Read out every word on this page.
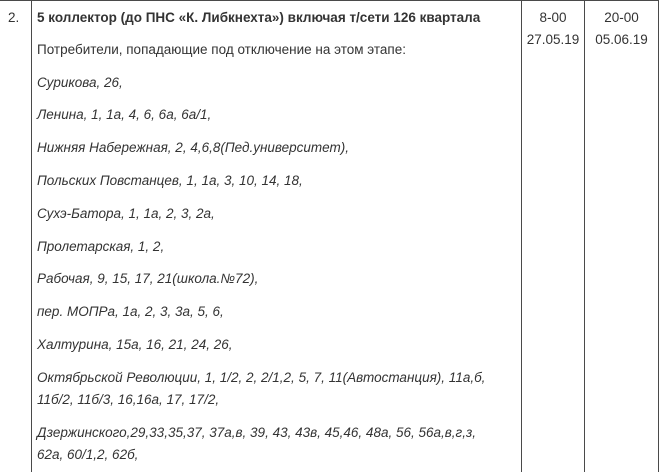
2. 5 коллектор (до ПНС «К. Либкнехта») включая т/сети 126 квартала
Потребители, попадающие под отключение на этом этапе:
Сурикова, 26,
Ленина, 1, 1а, 4, 6, 6а, 6а/1,
Нижняя Набережная, 2, 4,6,8(Пед.университет),
Польских Повстанцев, 1, 1а, 3, 10, 14, 18,
Сухэ-Батора, 1, 1а, 2, 3, 2а,
Пролетарская, 1, 2,
Рабочая, 9, 15, 17, 21(школа.№72),
пер. МОПРа, 1а, 2, 3, 3а, 5, 6,
Халтурина, 15а, 16, 21, 24, 26,
Октябрьской Революции, 1, 1/2, 2, 2/1,2, 5, 7, 11(Автостанция), 11а,б,
11б/2, 11б/3, 16,16а, 17, 17/2,
Дзержинского,29,33,35,37, 37а,в, 39, 43, 43в, 45,46, 48а, 56, 56а,в,г,з,
62а, 60/1,2, 62б,
8-00
27.05.19
20-00
05.06.19
